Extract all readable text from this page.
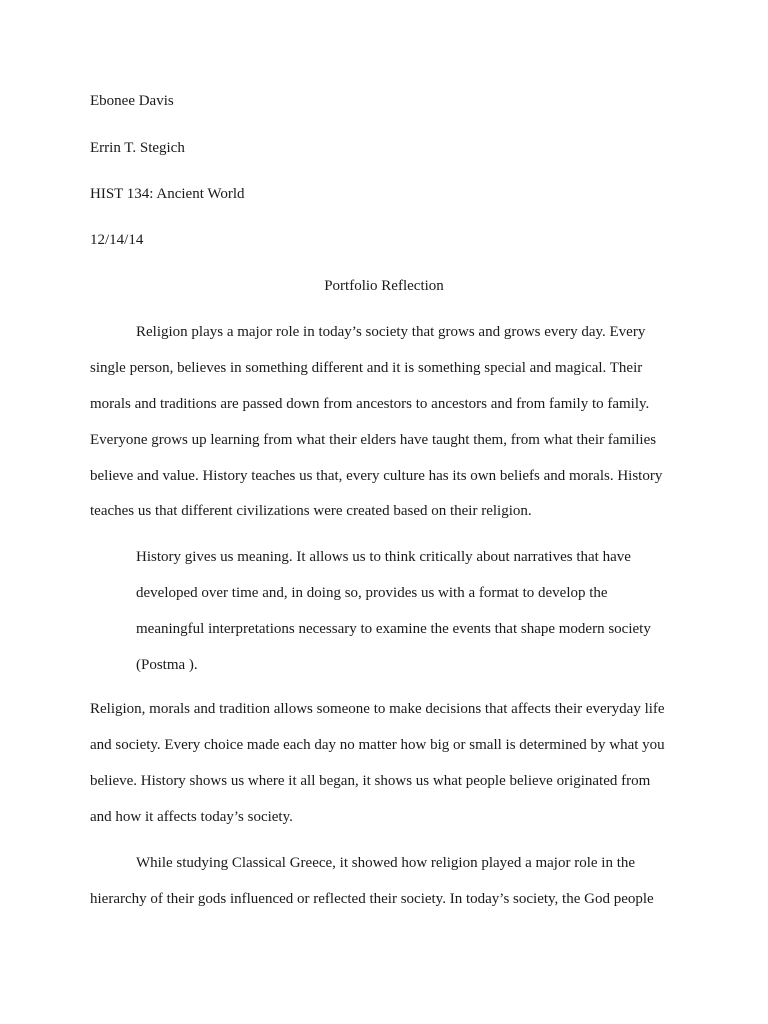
Ebonee Davis
Errin T. Stegich
HIST 134: Ancient World
12/14/14
Portfolio Reflection
Religion plays a major role in today’s society that grows and grows every day. Every
single person, believes in something different and it is something special and magical. Their
morals and traditions are passed down from ancestors to ancestors and from family to family.
Everyone grows up learning from what their elders have taught them, from what their families
believe and value. History teaches us that, every culture has its own beliefs and morals. History
teaches us that different civilizations were created based on their religion.
History gives us meaning. It allows us to think critically about narratives that have
developed over time and, in doing so, provides us with a format to develop the
meaningful interpretations necessary to examine the events that shape modern society
(Postma ).
Religion, morals and tradition allows someone to make decisions that affects their everyday life
and society. Every choice made each day no matter how big or small is determined by what you
believe. History shows us where it all began, it shows us what people believe originated from
and how it affects today’s society.
While studying Classical Greece, it showed how religion played a major role in the
hierarchy of their gods influenced or reflected their society. In today’s society, the God people
